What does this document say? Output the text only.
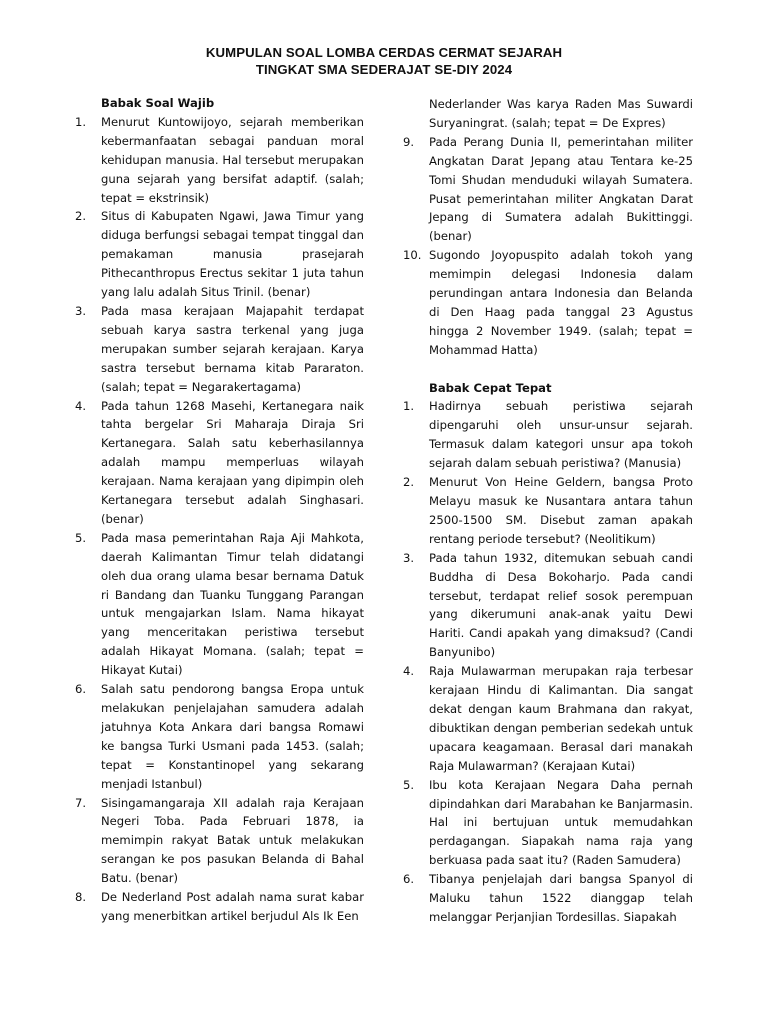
KUMPULAN SOAL LOMBA CERDAS CERMAT SEJARAH
TINGKAT SMA SEDERAJAT SE-DIY 2024
Babak Soal Wajib
1. Menurut Kuntowijoyo, sejarah memberikan kebermanfaatan sebagai panduan moral kehidupan manusia. Hal tersebut merupakan guna sejarah yang bersifat adaptif. (salah; tepat = ekstrinsik)
2. Situs di Kabupaten Ngawi, Jawa Timur yang diduga berfungsi sebagai tempat tinggal dan pemakaman manusia prasejarah Pithecanthropus Erectus sekitar 1 juta tahun yang lalu adalah Situs Trinil. (benar)
3. Pada masa kerajaan Majapahit terdapat sebuah karya sastra terkenal yang juga merupakan sumber sejarah kerajaan. Karya sastra tersebut bernama kitab Pararaton. (salah; tepat = Negarakertagama)
4. Pada tahun 1268 Masehi, Kertanegara naik tahta bergelar Sri Maharaja Diraja Sri Kertanegara. Salah satu keberhasilannya adalah mampu memperluas wilayah kerajaan. Nama kerajaan yang dipimpin oleh Kertanegara tersebut adalah Singhasari. (benar)
5. Pada masa pemerintahan Raja Aji Mahkota, daerah Kalimantan Timur telah didatangi oleh dua orang ulama besar bernama Datuk ri Bandang dan Tuanku Tunggang Parangan untuk mengajarkan Islam. Nama hikayat yang menceritakan peristiwa tersebut adalah Hikayat Momana. (salah; tepat = Hikayat Kutai)
6. Salah satu pendorong bangsa Eropa untuk melakukan penjelajahan samudera adalah jatuhnya Kota Ankara dari bangsa Romawi ke bangsa Turki Usmani pada 1453. (salah; tepat = Konstantinopel yang sekarang menjadi Istanbul)
7. Sisingamangaraja XII adalah raja Kerajaan Negeri Toba. Pada Februari 1878, ia memimpin rakyat Batak untuk melakukan serangan ke pos pasukan Belanda di Bahal Batu. (benar)
8. De Nederland Post adalah nama surat kabar yang menerbitkan artikel berjudul Als Ik Een
Nederlander Was karya Raden Mas Suwardi Suryaningrat. (salah; tepat = De Expres)
9. Pada Perang Dunia II, pemerintahan militer Angkatan Darat Jepang atau Tentara ke-25 Tomi Shudan menduduki wilayah Sumatera. Pusat pemerintahan militer Angkatan Darat Jepang di Sumatera adalah Bukittinggi. (benar)
10. Sugondo Joyopuspito adalah tokoh yang memimpin delegasi Indonesia dalam perundingan antara Indonesia dan Belanda di Den Haag pada tanggal 23 Agustus hingga 2 November 1949. (salah; tepat = Mohammad Hatta)
Babak Cepat Tepat
1. Hadirnya sebuah peristiwa sejarah dipengaruhi oleh unsur-unsur sejarah. Termasuk dalam kategori unsur apa tokoh sejarah dalam sebuah peristiwa? (Manusia)
2. Menurut Von Heine Geldern, bangsa Proto Melayu masuk ke Nusantara antara tahun 2500-1500 SM. Disebut zaman apakah rentang periode tersebut? (Neolitikum)
3. Pada tahun 1932, ditemukan sebuah candi Buddha di Desa Bokoharjo. Pada candi tersebut, terdapat relief sosok perempuan yang dikerumuni anak-anak yaitu Dewi Hariti. Candi apakah yang dimaksud? (Candi Banyunibo)
4. Raja Mulawarman merupakan raja terbesar kerajaan Hindu di Kalimantan. Dia sangat dekat dengan kaum Brahmana dan rakyat, dibuktikan dengan pemberian sedekah untuk upacara keagamaan. Berasal dari manakah Raja Mulawarman? (Kerajaan Kutai)
5. Ibu kota Kerajaan Negara Daha pernah dipindahkan dari Marabahan ke Banjarmasin. Hal ini bertujuan untuk memudahkan perdagangan. Siapakah nama raja yang berkuasa pada saat itu? (Raden Samudera)
6. Tibanya penjelajah dari bangsa Spanyol di Maluku tahun 1522 dianggap telah melanggar Perjanjian Tordesillas. Siapakah
